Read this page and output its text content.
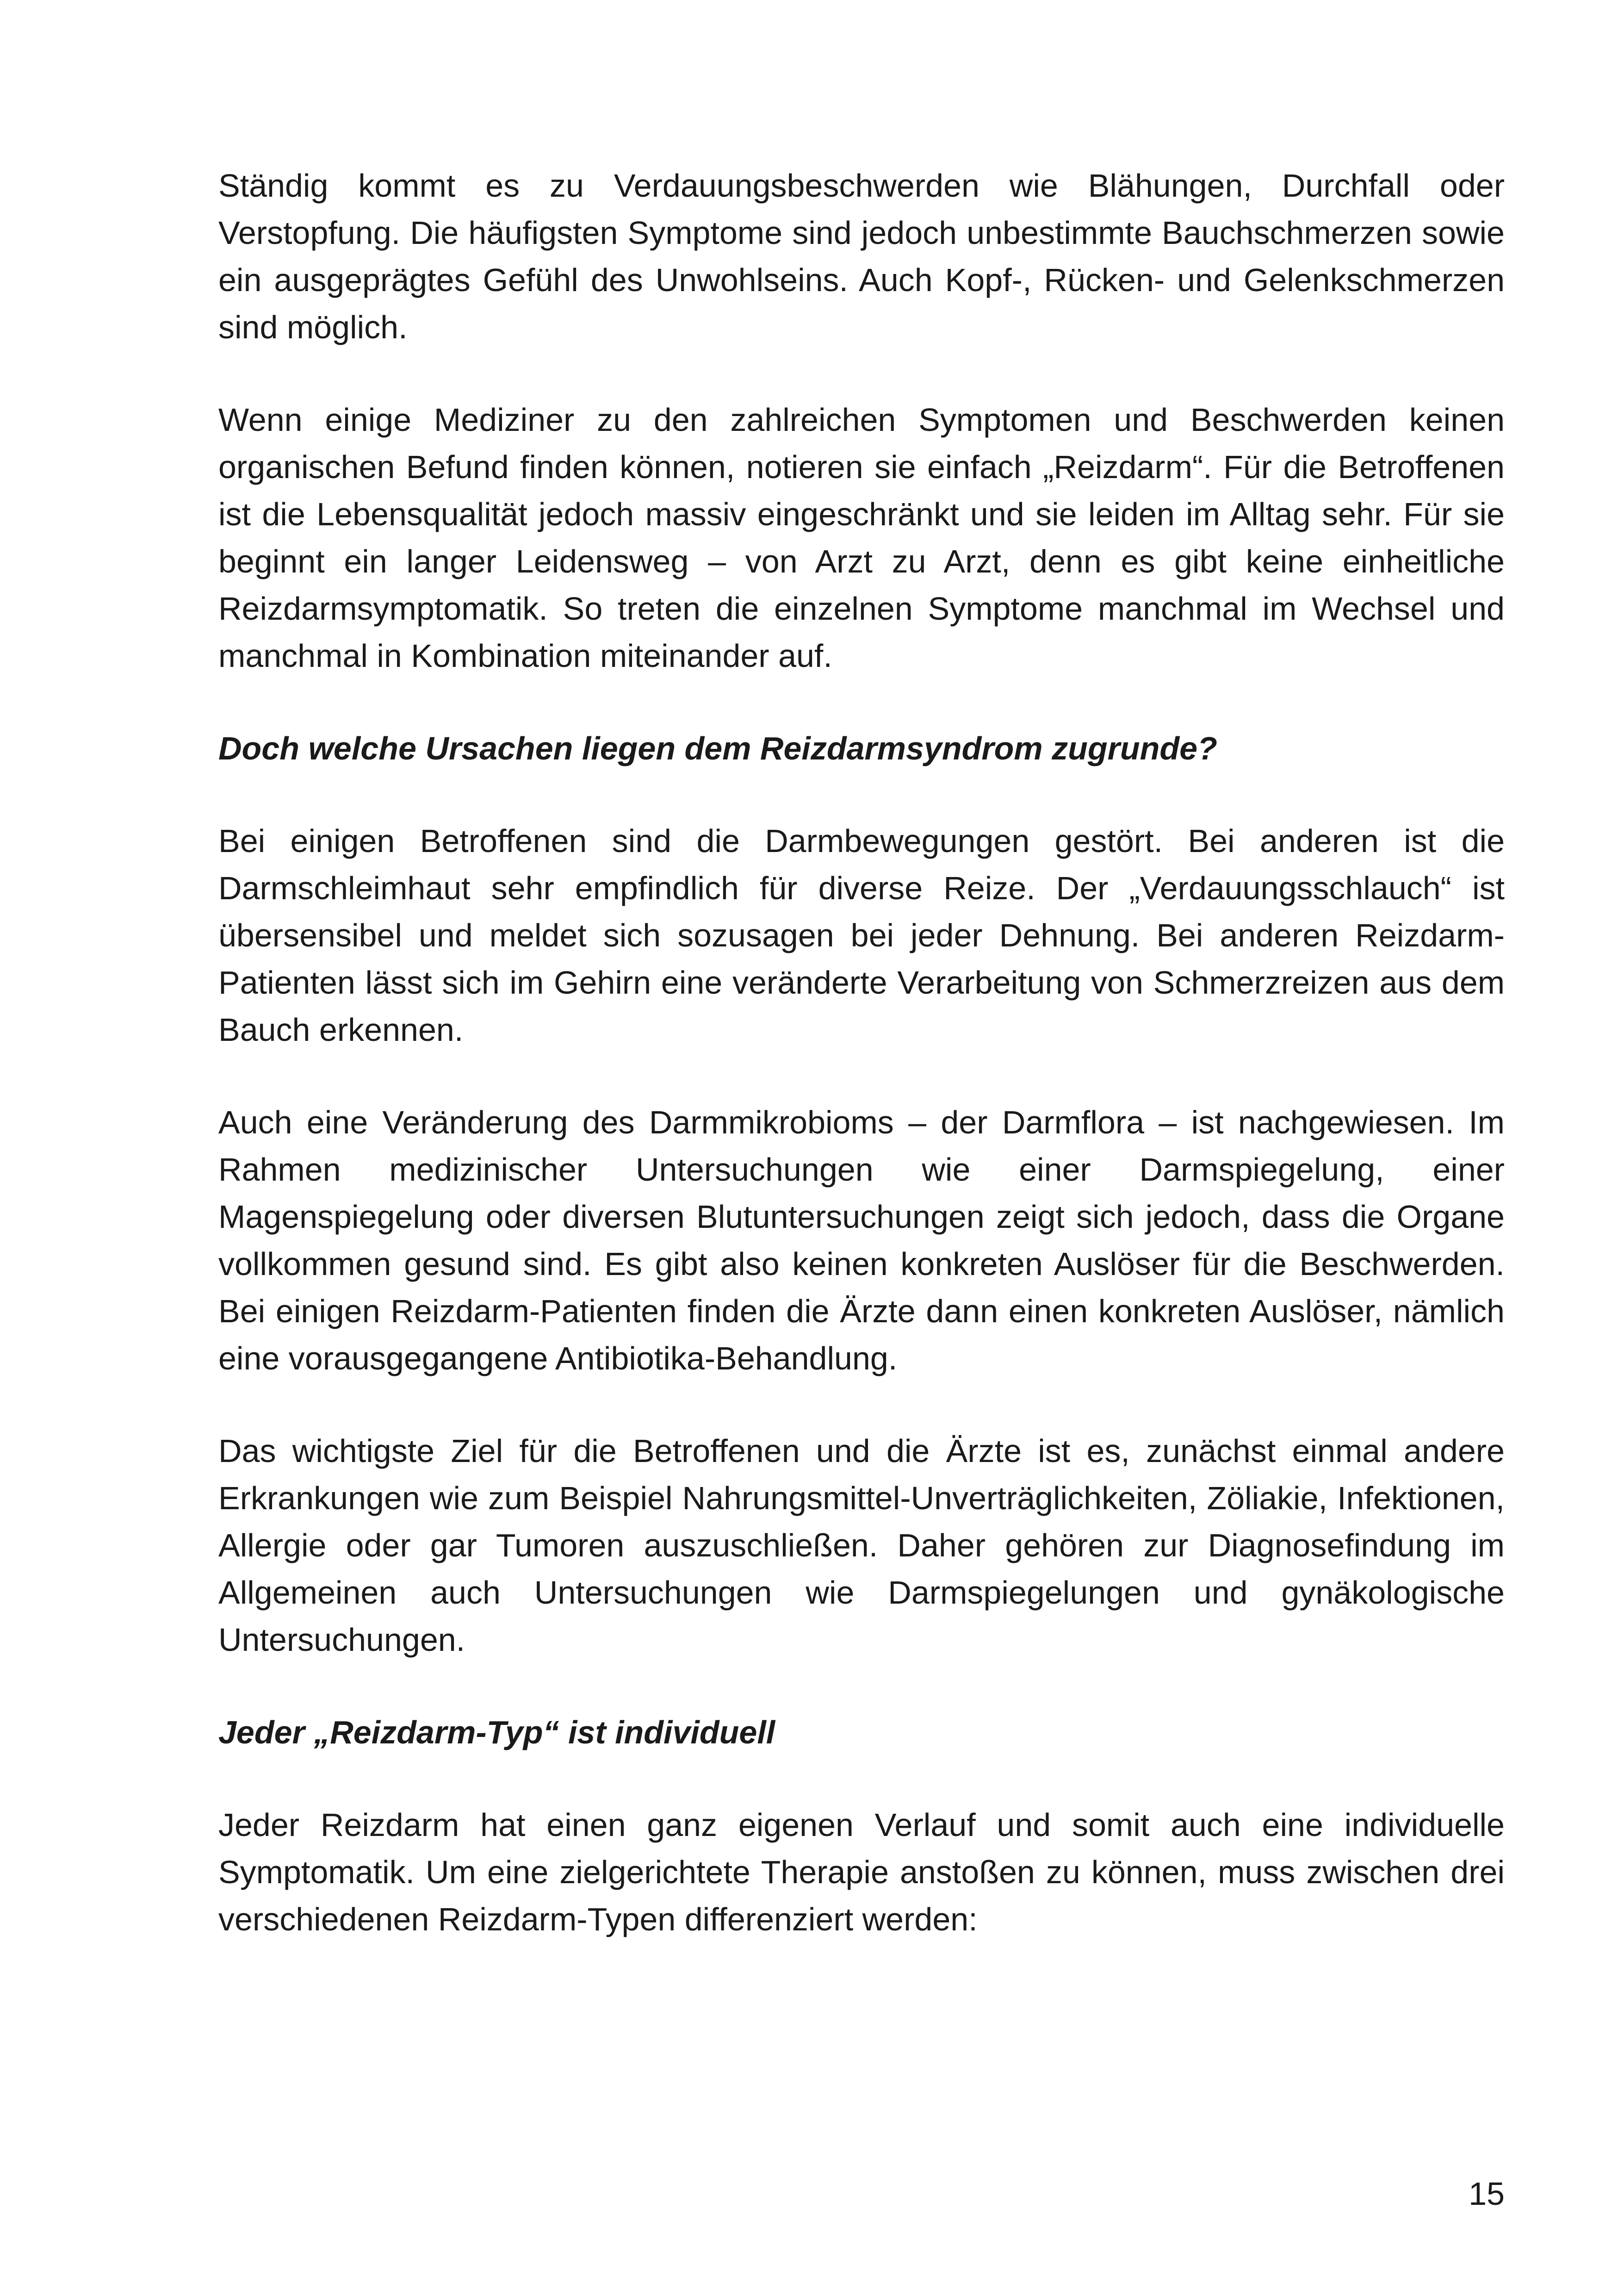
Ständig kommt es zu Verdauungsbeschwerden wie Blähungen, Durchfall oder Verstopfung. Die häufigsten Symptome sind jedoch unbestimmte Bauchschmerzen sowie ein ausgeprägtes Gefühl des Unwohlseins. Auch Kopf-, Rücken- und Gelenkschmerzen sind möglich.

Wenn einige Mediziner zu den zahlreichen Symptomen und Beschwerden keinen organischen Befund finden können, notieren sie einfach „Reizdarm“. Für die Betroffenen ist die Lebensqualität jedoch massiv eingeschränkt und sie leiden im Alltag sehr. Für sie beginnt ein langer Leidensweg – von Arzt zu Arzt, denn es gibt keine einheitliche Reizdarmsymptomatik. So treten die einzelnen Symptome manchmal im Wechsel und manchmal in Kombination miteinander auf.

Doch welche Ursachen liegen dem Reizdarmsyndrom zugrunde?

Bei einigen Betroffenen sind die Darmbewegungen gestört. Bei anderen ist die Darmschleimhaut sehr empfindlich für diverse Reize. Der „Verdauungsschlauch“ ist übersensibel und meldet sich sozusagen bei jeder Dehnung. Bei anderen Reizdarm-Patienten lässt sich im Gehirn eine veränderte Verarbeitung von Schmerzreizen aus dem Bauch erkennen.

Auch eine Veränderung des Darmmikrobioms – der Darmflora – ist nachgewiesen. Im Rahmen medizinischer Untersuchungen wie einer Darmspiegelung, einer Magenspiegelung oder diversen Blutuntersuchungen zeigt sich jedoch, dass die Organe vollkommen gesund sind. Es gibt also keinen konkreten Auslöser für die Beschwerden. Bei einigen Reizdarm-Patienten finden die Ärzte dann einen konkreten Auslöser, nämlich eine vorausgegangene Antibiotika-Behandlung.

Das wichtigste Ziel für die Betroffenen und die Ärzte ist es, zunächst einmal andere Erkrankungen wie zum Beispiel Nahrungsmittel-Unverträglichkeiten, Zöliakie, Infektionen, Allergie oder gar Tumoren auszuschließen. Daher gehören zur Diagnosefindung im Allgemeinen auch Untersuchungen wie Darmspiegelungen und gynäkologische Untersuchungen.

Jeder „Reizdarm-Typ“ ist individuell

Jeder Reizdarm hat einen ganz eigenen Verlauf und somit auch eine individuelle Symptomatik. Um eine zielgerichtete Therapie anstoßen zu können, muss zwischen drei verschiedenen Reizdarm-Typen differenziert werden:

15
